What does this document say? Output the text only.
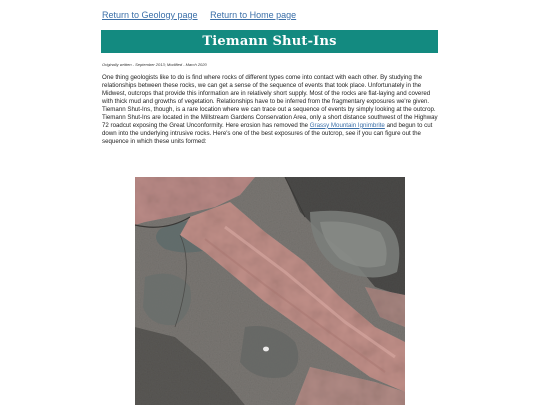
Return to Geology page Return to Home page
Tiemann Shut-Ins
Originally written - September 2013; Modified - March 2020

One thing geologists like to do is find where rocks of different types come into contact with each other. By studying the relationships between these rocks, we can get a sense of the sequence of events that took place. Unfortunately in the Midwest, outcrops that provide this information are in relatively short supply. Most of the rocks are flat-laying and covered with thick mud and growths of vegetation. Relationships have to be inferred from the fragmentary exposures we're given. Tiemann Shut-Ins, though, is a rare location where we can trace out a sequence of events by simply looking at the outcrop. Tiemann Shut-Ins are located in the Millstream Gardens Conservation Area, only a short distance southwest of the Highway 72 roadcut exposing the Great Unconformity. Here erosion has removed the Grassy Mountain Ignimbrite and begun to cut down into the underlying intrusive rocks. Here's one of the best exposures of the outcrop, see if you can figure out the sequence in which these units formed:
